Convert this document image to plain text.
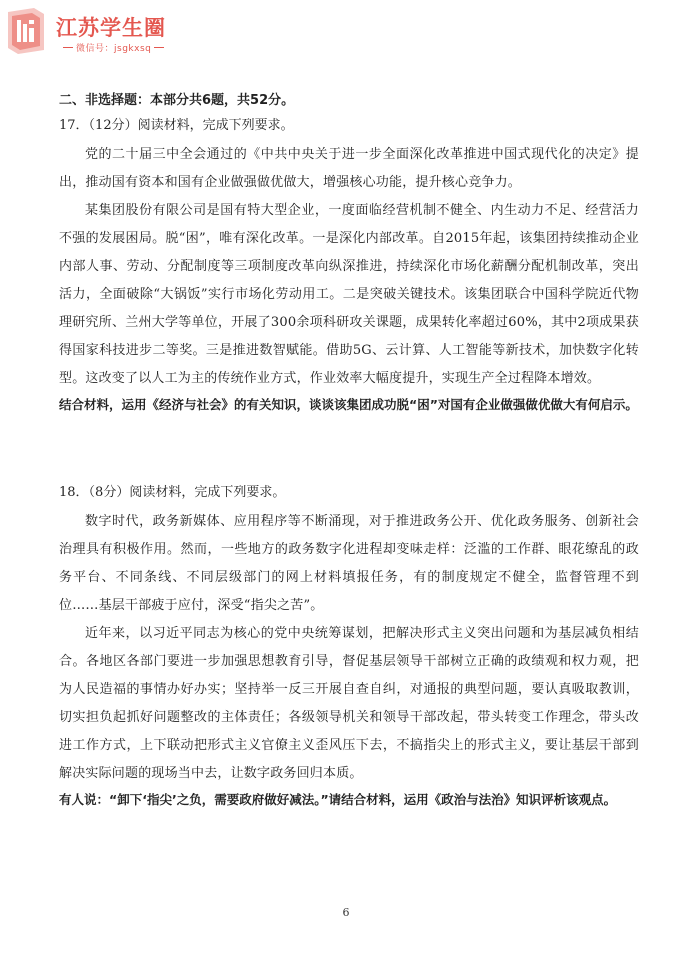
江苏学生圈
微信号：jsgkxsq

二、非选择题：本部分共6题，共52分。

17．（12分）阅读材料，完成下列要求。

党的二十届三中全会通过的《中共中央关于进一步全面深化改革推进中国式现代化的决定》提出，推动国有资本和国有企业做强做优做大，增强核心功能，提升核心竞争力。

某集团股份有限公司是国有特大型企业，一度面临经营机制不健全、内生动力不足、经营活力不强的发展困局。脱“困”，唯有深化改革。一是深化内部改革。自2015年起，该集团持续推动企业内部人事、劳动、分配制度等三项制度改革向纵深推进，持续深化市场化薪酬分配机制改革，突出活力，全面破除“大锅饭”实行市场化劳动用工。二是突破关键技术。该集团联合中国科学院近代物理研究所、兰州大学等单位，开展了300余项科研攻关课题，成果转化率超过60%，其中2项成果获得国家科技进步二等奖。三是推进数智赋能。借助5G、云计算、人工智能等新技术，加快数字化转型。这改变了以人工为主的传统作业方式，作业效率大幅度提升，实现生产全过程降本增效。

结合材料，运用《经济与社会》的有关知识，谈谈该集团成功脱“困”对国有企业做强做优做大有何启示。

18．（8分）阅读材料，完成下列要求。

数字时代，政务新媒体、应用程序等不断涌现，对于推进政务公开、优化政务服务、创新社会治理具有积极作用。然而，一些地方的政务数字化进程却变味走样：泛滥的工作群、眼花缭乱的政务平台、不同条线、不同层级部门的网上材料填报任务，有的制度规定不健全，监督管理不到位……基层干部疲于应付，深受“指尖之苦”。

近年来，以习近平同志为核心的党中央统筹谋划，把解决形式主义突出问题和为基层减负相结合。各地区各部门要进一步加强思想教育引导，督促基层领导干部树立正确的政绩观和权力观，把为人民造福的事情办好办实；坚持举一反三开展自查自纠，对通报的典型问题，要认真吸取教训，切实担负起抓好问题整改的主体责任；各级领导机关和领导干部改起，带头转变工作理念，带头改进工作方式，上下联动把形式主义官僚主义歪风压下去，不搞指尖上的形式主义，要让基层干部到解决实际问题的现场当中去，让数字政务回归本质。

有人说：“卸下‘指尖’之负，需要政府做好减法。”请结合材料，运用《政治与法治》知识评析该观点。

6
